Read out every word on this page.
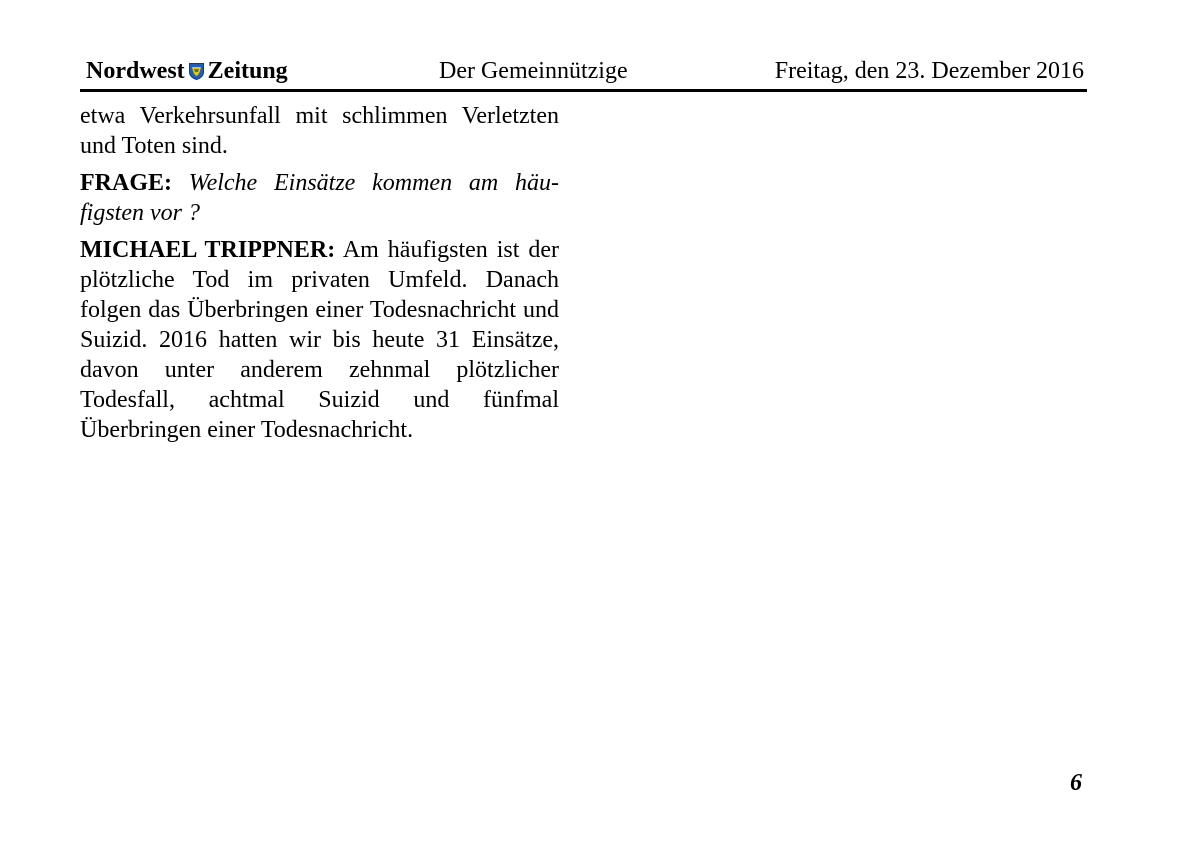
Nordwest Zeitung	Der Gemeinnützige	Freitag, den 23. Dezember 2016

etwa Verkehrsunfall mit schlimmen Verletzten und Toten sind.

FRAGE: Welche Einsätze kommen am häufigsten vor ?

MICHAEL TRIPPNER: Am häufigsten ist der plötzliche Tod im privaten Umfeld. Danach folgen das Überbringen einer Todesnachricht und Suizid. 2016 hatten wir bis heute 31 Einsätze, davon unter anderem zehnmal plötzlicher Todesfall, achtmal Suizid und fünfmal Überbringen einer Todesnachricht.

6
